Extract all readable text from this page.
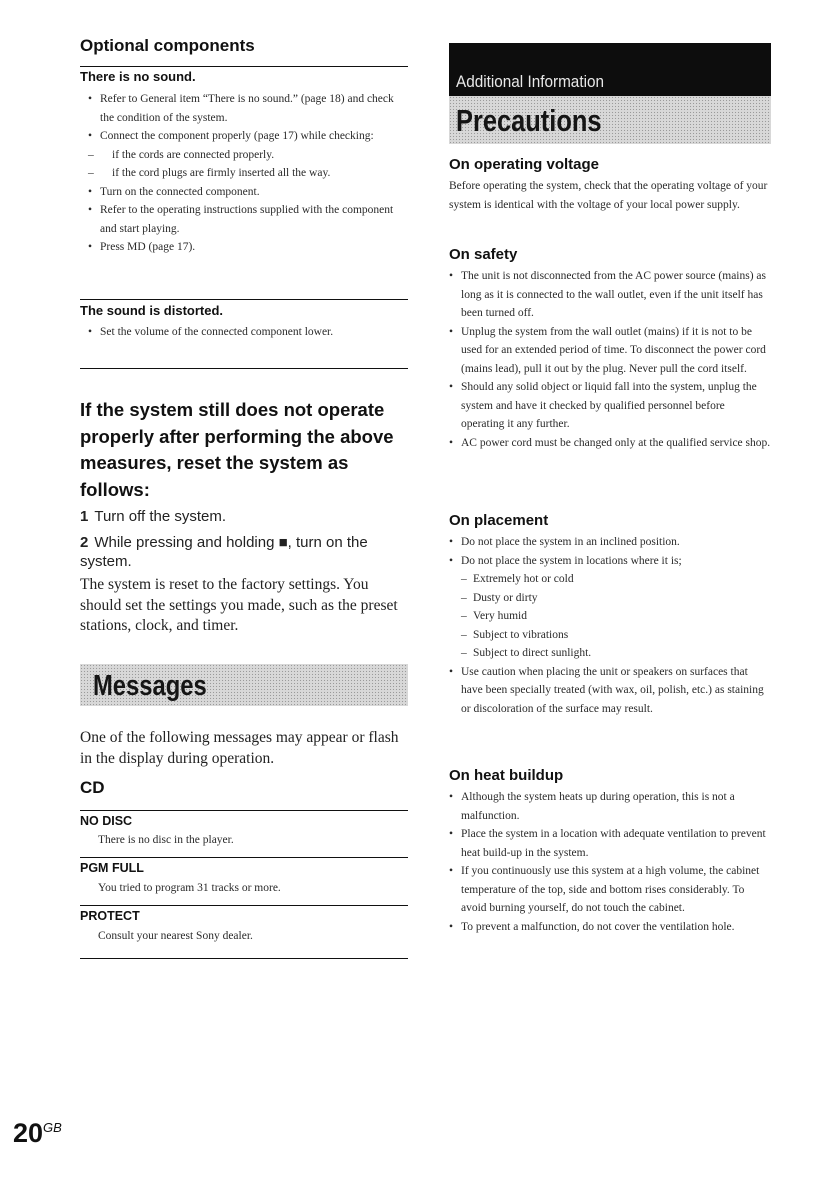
Optional components
There is no sound.

• Refer to General item “There is no sound.” (page 18) and check the condition of the system.

• Connect the component properly (page 17) while checking:

– if the cords are connected properly.

– if the cord plugs are firmly inserted all the way.

• Turn on the connected component.

• Refer to the operating instructions supplied with the component and start playing.

• Press MD (page 17).

The sound is distorted.

• Set the volume of the connected component lower.

If the system still does not operate properly after performing the above measures, reset the system as follows:
1 Turn off the system.
2 While pressing and holding ■, turn on the system.
The system is reset to the factory settings. You should set the settings you made, such as the preset stations, clock, and timer.
Messages
One of the following messages may appear or flash in the display during operation.
CD
NO DISC
There is no disc in the player.
PGM FULL
You tried to program 31 tracks or more.
PROTECT
Consult your nearest Sony dealer.
Additional Information
Precautions
On operating voltage

Before operating the system, check that the operating voltage of your system is identical with the voltage of your local power supply.

On safety

• The unit is not disconnected from the AC power source (mains) as long as it is connected to the wall outlet, even if the unit itself has been turned off.

• Unplug the system from the wall outlet (mains) if it is not to be used for an extended period of time. To disconnect the power cord (mains lead), pull it out by the plug. Never pull the cord itself.

• Should any solid object or liquid fall into the system, unplug the system and have it checked by qualified personnel before operating it any further.

• AC power cord must be changed only at the qualified service shop.

On placement

• Do not place the system in an inclined position.

• Do not place the system in locations where it is;

– Extremely hot or cold

– Dusty or dirty

– Very humid

– Subject to vibrations

– Subject to direct sunlight.

• Use caution when placing the unit or speakers on surfaces that have been specially treated (with wax, oil, polish, etc.) as staining or discoloration of the surface may result.

On heat buildup

• Although the system heats up during operation, this is not a malfunction.

• Place the system in a location with adequate ventilation to prevent heat build-up in the system.

• If you continuously use this system at a high volume, the cabinet temperature of the top, side and bottom rises considerably. To avoid burning yourself, do not touch the cabinet.

• To prevent a malfunction, do not cover the ventilation hole.

$20^{GB}$
